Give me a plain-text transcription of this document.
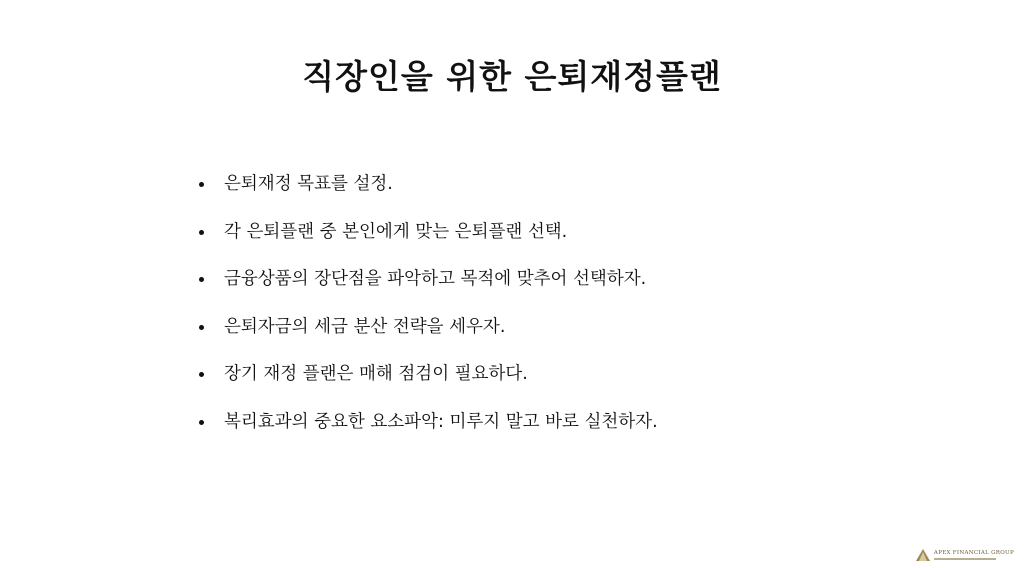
직장인을 위한 은퇴재정플랜
은퇴재정 목표를 설정.
각 은퇴플랜 중 본인에게 맞는 은퇴플랜 선택.
금융상품의 장단점을 파악하고 목적에 맞추어 선택하자.
은퇴자금의 세금 분산 전략을 세우자.
장기 재정 플랜은 매해 점검이 필요하다.
복리효과의 중요한 요소파악: 미루지 말고 바로 실천하자.
APEX FINANCIAL GROUP
